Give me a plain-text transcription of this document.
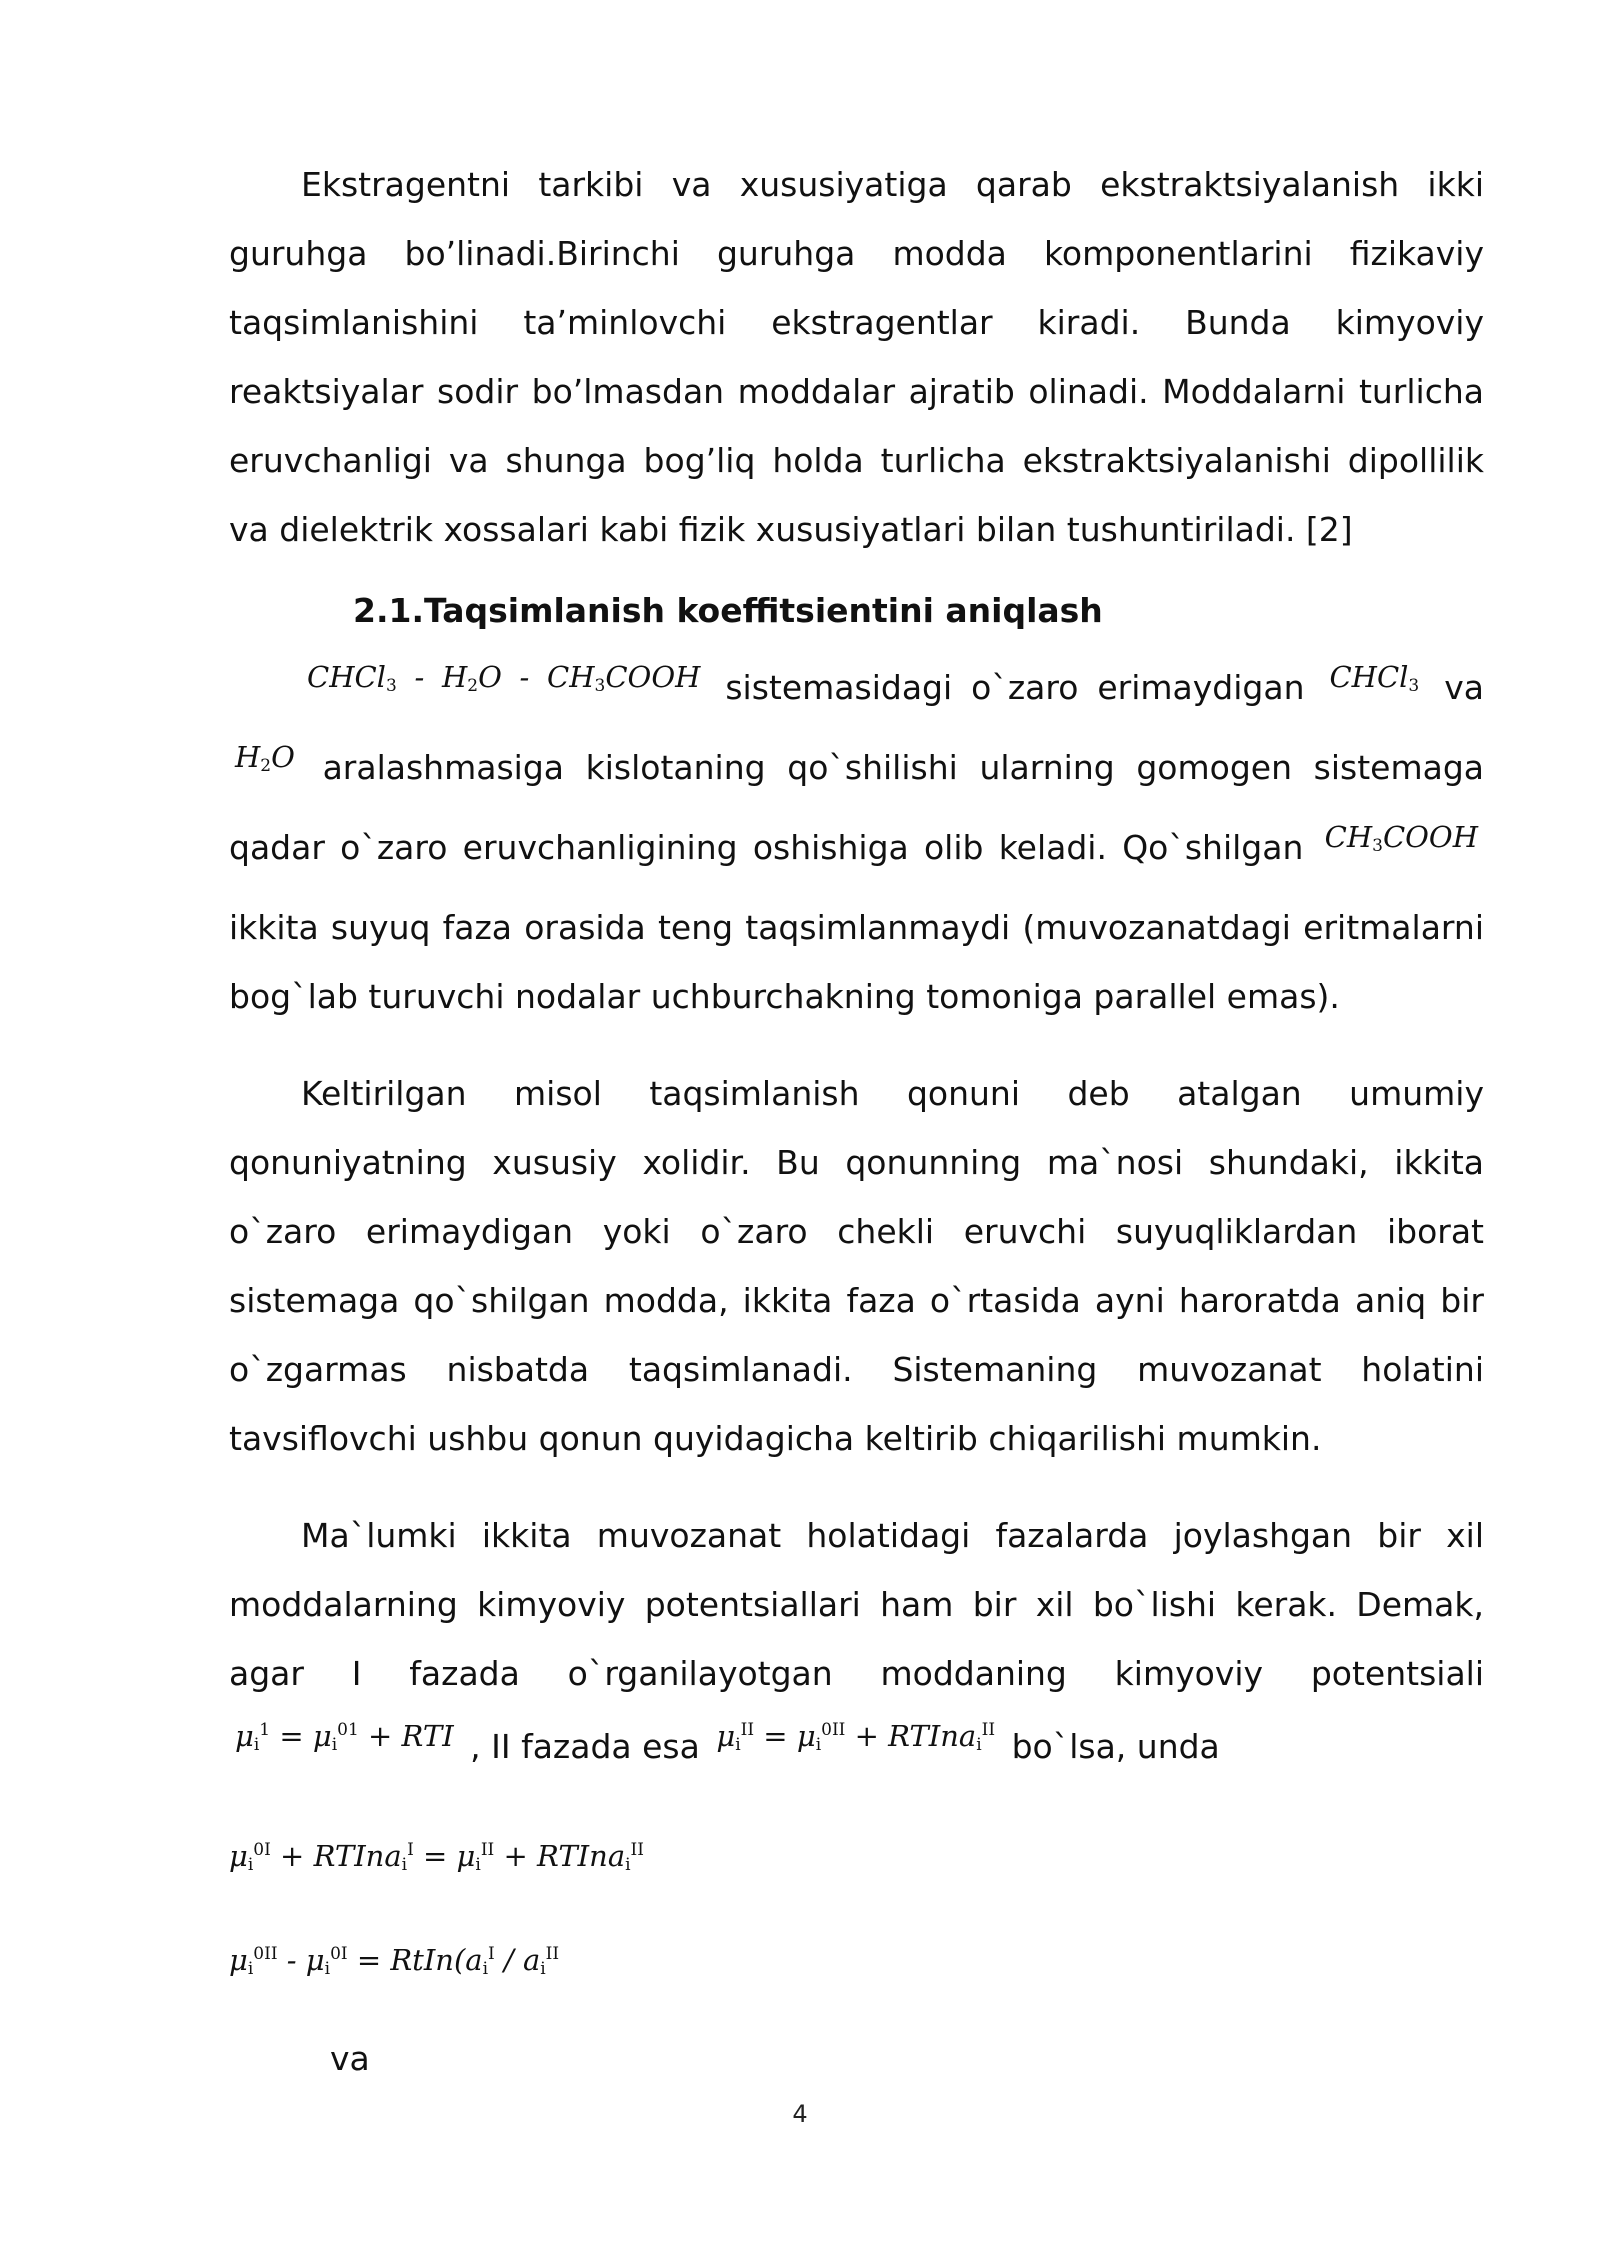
Ekstragentni tarkibi va xususiyatiga qarab ekstraktsiyalanish ikki guruhga bo’linadi.Birinchi guruhga modda komponentlarini fizikaviy taqsimlanishini ta’minlovchi ekstragentlar kiradi. Bunda kimyoviy reaktsiyalar sodir bo’lmasdan moddalar ajratib olinadi. Moddalarni turlicha eruvchanligi va shunga bog’liq holda turlicha ekstraktsiyalanishi dipollilik va dielektrik xossalari kabi fizik xususiyatlari bilan tushuntiriladi. [2]

2.1.Taqsimlanish koeffitsientini aniqlash

CHCl$_3$ - $H_2O$ - $CH_3COOH$ sistemasidagi o`zaro erimaydigan CHCl$_3$ va $H_2O$ aralashmasiga kislotaning qo`shilishi ularning gomogen sistemaga qadar o`zaro eruvchanligining oshishiga olib keladi. Qo`shilgan $CH_3COOH$ ikkita suyuq faza orasida teng taqsimlanmaydi (muvozanatdagi eritmalarni bog`lab turuvchi nodalar uchburchakning tomoniga parallel emas).

Keltirilgan misol taqsimlanish qonuni deb atalgan umumiy qonuniyatning xususiy xolidir. Bu qonunning ma`nosi shundaki, ikkita o`zaro erimaydigan yoki o`zaro chekli eruvchi suyuqliklardan iborat sistemaga qo`shilgan modda, ikkita faza o`rtasida ayni haroratda aniq bir o`zgarmas nisbatda taqsimlanadi. Sistemaning muvozanat holatini tavsiflovchi ushbu qonun quyidagicha keltirib chiqarilishi mumkin.

Ma`lumki ikkita muvozanat holatidagi fazalarda joylashgan bir xil moddalarning kimyoviy potentsiallari ham bir xil bo`lishi kerak. Demak, agar I fazada o`rganilayotgan moddaning kimyoviy potentsiali $\mu_i^1 = \mu_i^{01}$ + RTI , II fazada esa $\mu_i^{II} = \mu_i^{0II}$ + RTIna$_i^{II}$ bo`lsa, unda

$\mu_i^{0I}$ + RTIna$_i^I$ = $\mu_i^{II}$ + RTIna$_i^{II}$

$\mu_i^{0II} - \mu_i^{0I}$ = $RtIn(a_i^I / a_i^{II}$

va

4
